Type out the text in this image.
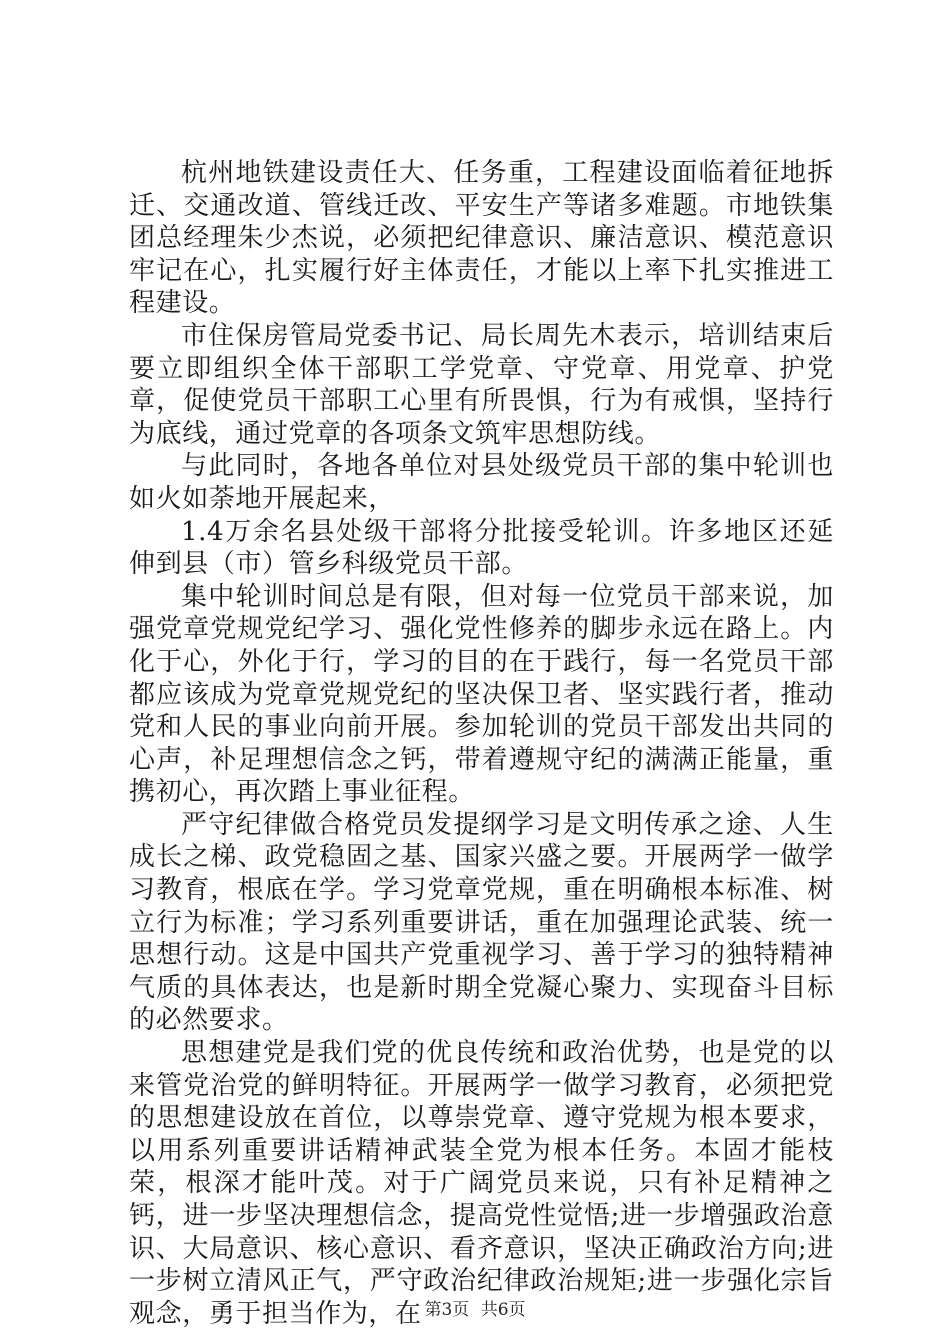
杭州地铁建设责任大、任务重，工程建设面临着征地拆迁、交通改道、管线迁改、平安生产等诸多难题。市地铁集团总经理朱少杰说，必须把纪律意识、廉洁意识、模范意识牢记在心，扎实履行好主体责任，才能以上率下扎实推进工程建设。

市住保房管局党委书记、局长周先木表示，培训结束后要立即组织全体干部职工学党章、守党章、用党章、护党章，促使党员干部职工心里有所畏惧，行为有戒惧，坚持行为底线，通过党章的各项条文筑牢思想防线。

与此同时，各地各单位对县处级党员干部的集中轮训也如火如荼地开展起来，

1.4万余名县处级干部将分批接受轮训。许多地区还延伸到县（市）管乡科级党员干部。

集中轮训时间总是有限，但对每一位党员干部来说，加强党章党规党纪学习、强化党性修养的脚步永远在路上。内化于心，外化于行，学习的目的在于践行，每一名党员干部都应该成为党章党规党纪的坚决保卫者、坚实践行者，推动党和人民的事业向前开展。参加轮训的党员干部发出共同的心声，补足理想信念之钙，带着遵规守纪的满满正能量，重携初心，再次踏上事业征程。

严守纪律做合格党员发提纲学习是文明传承之途、人生成长之梯、政党稳固之基、国家兴盛之要。开展两学一做学习教育，根底在学。学习党章党规，重在明确根本标准、树立行为标准；学习系列重要讲话，重在加强理论武装、统一思想行动。这是中国共产党重视学习、善于学习的独特精神气质的具体表达，也是新时期全党凝心聚力、实现奋斗目标的必然要求。

思想建党是我们党的优良传统和政治优势，也是党的以来管党治党的鲜明特征。开展两学一做学习教育，必须把党的思想建设放在首位，以尊崇党章、遵守党规为根本要求，以用系列重要讲话精神武装全党为根本任务。本固才能枝荣，根深才能叶茂。对于广阔党员来说，只有补足精神之钙，进一步坚决理想信念，提高党性觉悟;进一步增强政治意识、大局意识、核心意识、看齐意识，坚决正确政治方向;进一步树立清风正气，严守政治纪律政治规矩;进一步强化宗旨观念，勇于担当作为，在 第3页 共6页
